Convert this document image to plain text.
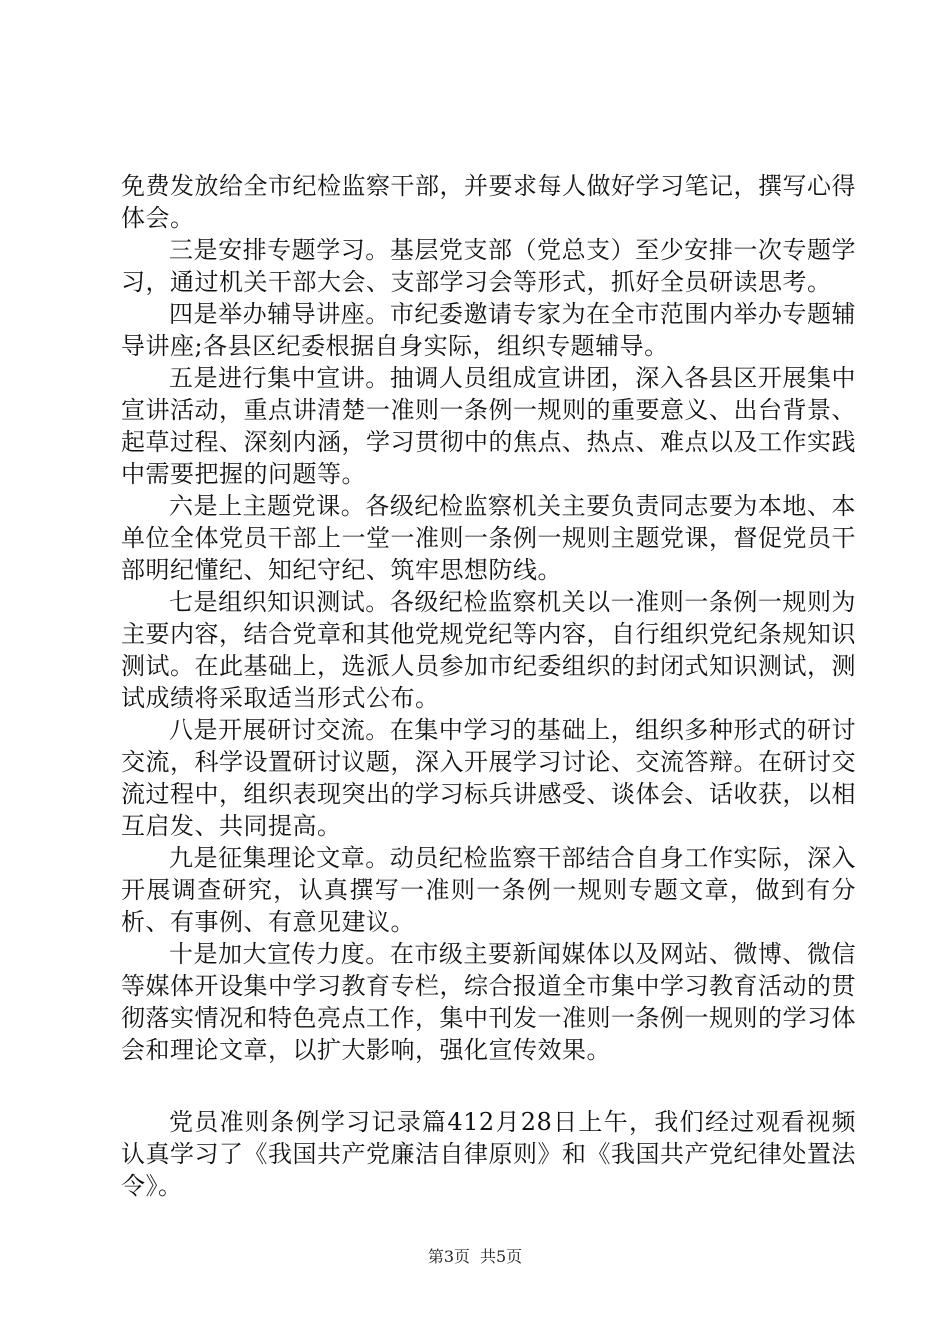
免费发放给全市纪检监察干部，并要求每人做好学习笔记，撰写心得体会。

三是安排专题学习。基层党支部（党总支）至少安排一次专题学习，通过机关干部大会、支部学习会等形式，抓好全员研读思考。

四是举办辅导讲座。市纪委邀请专家为在全市范围内举办专题辅导讲座;各县区纪委根据自身实际，组织专题辅导。

五是进行集中宣讲。抽调人员组成宣讲团，深入各县区开展集中宣讲活动，重点讲清楚一准则一条例一规则的重要意义、出台背景、起草过程、深刻内涵，学习贯彻中的焦点、热点、难点以及工作实践中需要把握的问题等。

六是上主题党课。各级纪检监察机关主要负责同志要为本地、本单位全体党员干部上一堂一准则一条例一规则主题党课，督促党员干部明纪懂纪、知纪守纪、筑牢思想防线。

七是组织知识测试。各级纪检监察机关以一准则一条例一规则为主要内容，结合党章和其他党规党纪等内容，自行组织党纪条规知识测试。在此基础上，选派人员参加市纪委组织的封闭式知识测试，测试成绩将采取适当形式公布。

八是开展研讨交流。在集中学习的基础上，组织多种形式的研讨交流，科学设置研讨议题，深入开展学习讨论、交流答辩。在研讨交流过程中，组织表现突出的学习标兵讲感受、谈体会、话收获，以相互启发、共同提高。

九是征集理论文章。动员纪检监察干部结合自身工作实际，深入开展调查研究，认真撰写一准则一条例一规则专题文章，做到有分析、有事例、有意见建议。

十是加大宣传力度。在市级主要新闻媒体以及网站、微博、微信等媒体开设集中学习教育专栏，综合报道全市集中学习教育活动的贯彻落实情况和特色亮点工作，集中刊发一准则一条例一规则的学习体会和理论文章，以扩大影响，强化宣传效果。

党员准则条例学习记录篇412月28日上午，我们经过观看视频认真学习了《我国共产党廉洁自律原则》和《我国共产党纪律处置法令》。

第3页 共5页
